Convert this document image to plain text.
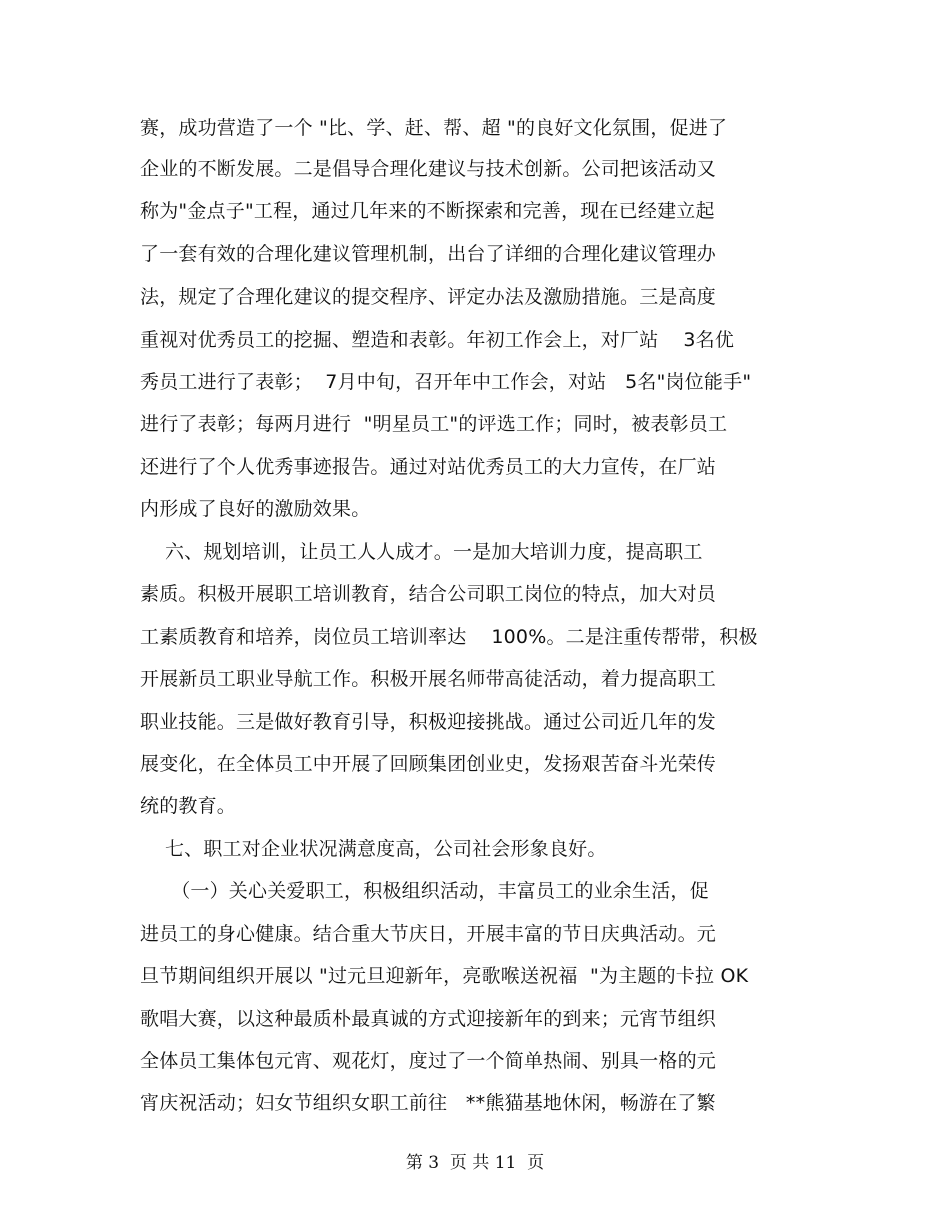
赛，成功营造了一个 "比、学、赶、帮、超 "的良好文化氛围，促进了
企业的不断发展。二是倡导合理化建议与技术创新。公司把该活动又
称为"金点子"工程，通过几年来的不断探索和完善，现在已经建立起
了一套有效的合理化建议管理机制，出台了详细的合理化建议管理办
法，规定了合理化建议的提交程序、评定办法及激励措施。三是高度
重视对优秀员工的挖掘、塑造和表彰。年初工作会上，对厂站    3名优
秀员工进行了表彰；  7月中旬，召开年中工作会，对站   5名"岗位能手"
进行了表彰；每两月进行  "明星员工"的评选工作；同时，被表彰员工
还进行了个人优秀事迹报告。通过对站优秀员工的大力宣传，在厂站
内形成了良好的激励效果。
六、规划培训，让员工人人成才。一是加大培训力度，提高职工
素质。积极开展职工培训教育，结合公司职工岗位的特点，加大对员
工素质教育和培养，岗位员工培训率达    100%。二是注重传帮带，积极
开展新员工职业导航工作。积极开展名师带高徒活动，着力提高职工
职业技能。三是做好教育引导，积极迎接挑战。通过公司近几年的发
展变化，在全体员工中开展了回顾集团创业史，发扬艰苦奋斗光荣传
统的教育。
七、职工对企业状况满意度高，公司社会形象良好。
（一）关心关爱职工，积极组织活动，丰富员工的业余生活，促
进员工的身心健康。结合重大节庆日，开展丰富的节日庆典活动。元
旦节期间组织开展以 "过元旦迎新年，亮歌喉送祝福  "为主题的卡拉 OK
歌唱大赛，以这种最质朴最真诚的方式迎接新年的到来；元宵节组织
全体员工集体包元宵、观花灯，度过了一个简单热闹、别具一格的元
宵庆祝活动；妇女节组织女职工前往   **熊猫基地休闲，畅游在了繁
第 3  页 共 11  页
